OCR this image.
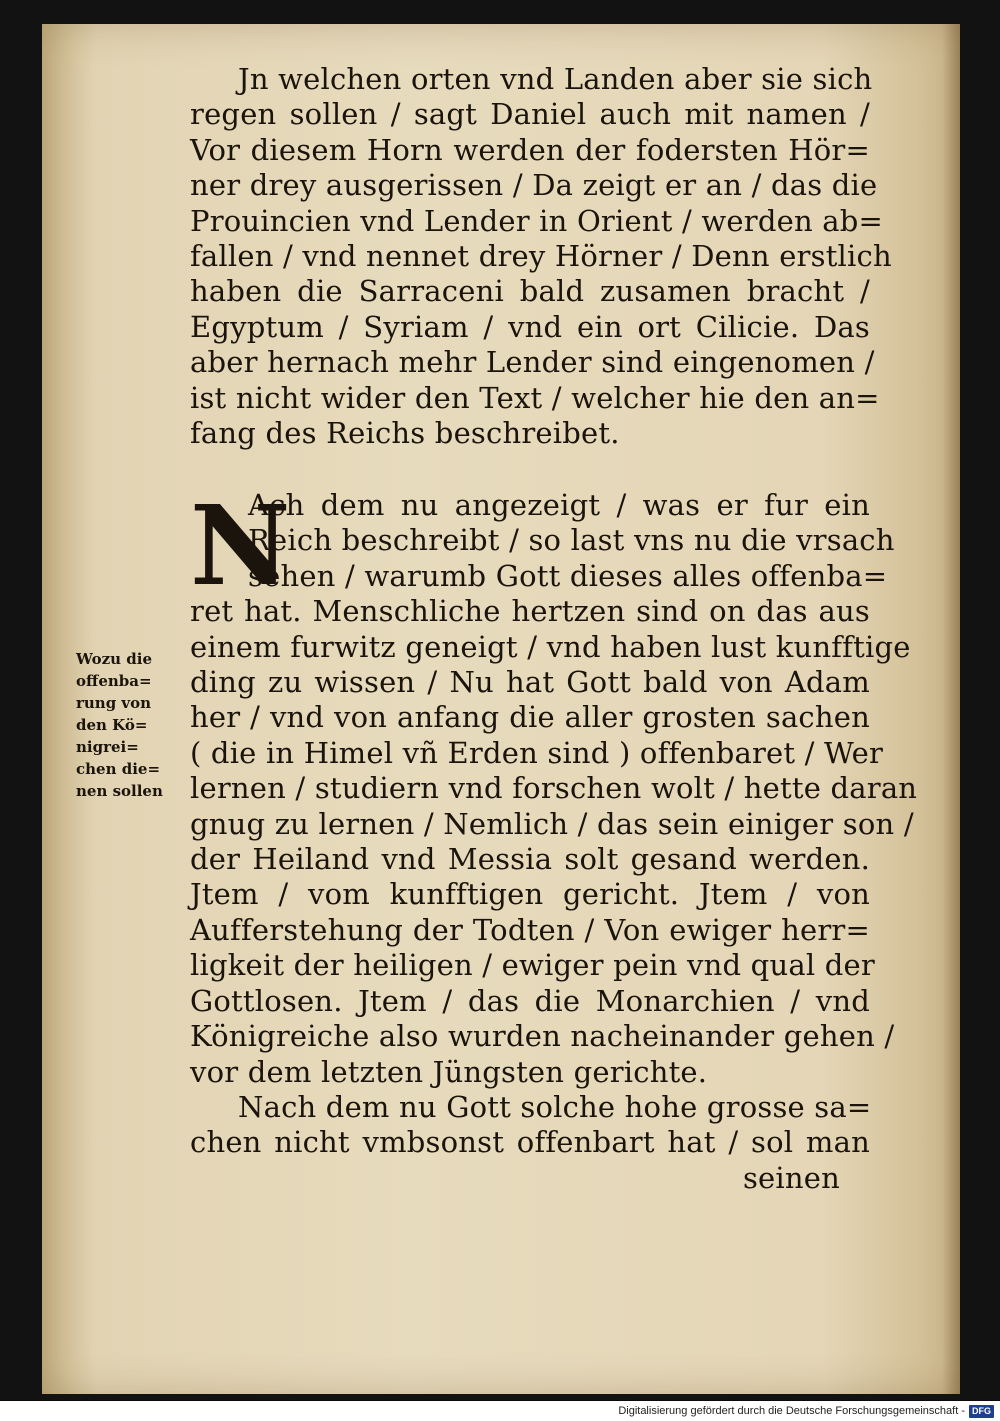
Jn welchen orten vnd Landen aber sie sich
regen sollen / sagt Daniel auch mit namen /
Vor diesem Horn werden der fodersten Hör=
ner drey ausgerissen / Da zeigt er an / das die
Prouincien vnd Lender in Orient / werden ab=
fallen / vnd nennet drey Hörner / Denn erstlich
haben die Sarraceni bald zusamen bracht /
Egyptum / Syriam / vnd ein ort Cilicie. Das
aber hernach mehr Lender sind eingenomen /
ist nicht wider den Text / welcher hie den an=
fang des Reichs beschreibet.
N
Ach dem nu angezeigt / was er fur ein
Reich beschreibt / so last vns nu die vrsach
sehen / warumb Gott dieses alles offenba=
ret hat. Menschliche hertzen sind on das aus
einem furwitz geneigt / vnd haben lust kunfftige
ding zu wissen / Nu hat Gott bald von Adam
her / vnd von anfang die aller grosten sachen
( die in Himel vñ Erden sind ) offenbaret / Wer
lernen / studiern vnd forschen wolt / hette daran
gnug zu lernen / Nemlich / das sein einiger son /
der Heiland vnd Messia solt gesand werden.
Jtem / vom kunfftigen gericht. Jtem / von
Aufferstehung der Todten / Von ewiger herr=
ligkeit der heiligen / ewiger pein vnd qual der
Gottlosen. Jtem / das die Monarchien / vnd
Königreiche also wurden nacheinander gehen /
vor dem letzten Jüngsten gerichte.
Nach dem nu Gott solche hohe grosse sa=
chen nicht vmbsonst offenbart hat / sol man
seinen
Wozu die
offenba=
rung von
den Kö=
nigrei=
chen die=
nen sollen
Digitalisierung gefördert durch die Deutsche Forschungsgemeinschaft - DFG
